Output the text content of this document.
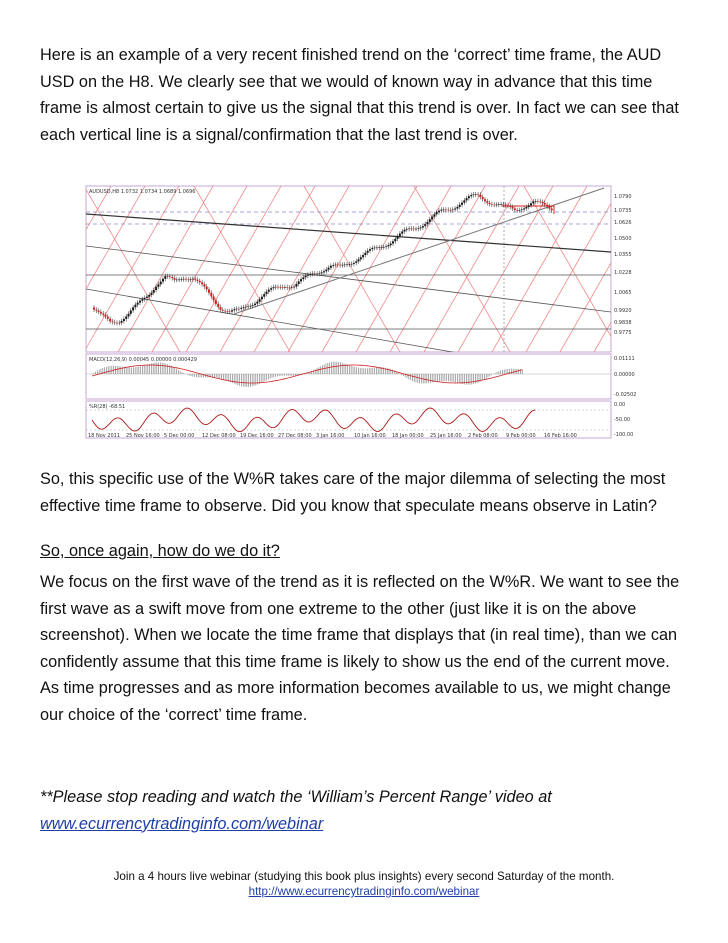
Here is an example of a very recent finished trend on the ‘correct’ time frame, the AUD USD on the H8. We clearly see that we would of known way in advance that this time frame is almost certain to give us the signal that this trend is over. In fact we can see that each vertical line is a signal/confirmation that the last trend is over.

AUDUSD,H8 1.0732 1.0734 1.0689 1.0696
MACD(12,26,9) 0.00045 0.00000 0.000429
%R(28) -68.51
1.0790
1.0735
1.0626
1.0500
1.0355
1.0228
1.0065
0.9920
0.9838
0.9775
0.01111
0.00000
-0.02502
0.00
-50.00
-100.00
18 Nov 2011 25 Nov 16:00 5 Dec 00:00 12 Dec 08:00 19 Dec 16:00 27 Dec 08:00 3 Jan 16:00 10 Jan 16:00 18 Jan 00:00 25 Jan 16:00 2 Feb 08:00 9 Feb 00:00 16 Feb 16:00

So, this specific use of the W%R takes care of the major dilemma of selecting the most effective time frame to observe. Did you know that speculate means observe in Latin?

So, once again, how do we do it?

We focus on the first wave of the trend as it is reflected on the W%R. We want to see the first wave as a swift move from one extreme to the other (just like it is on the above screenshot). When we locate the time frame that displays that (in real time), than we can confidently assume that this time frame is likely to show us the end of the current move. As time progresses and as more information becomes available to us, we might change our choice of the ‘correct’ time frame.

**Please stop reading and watch the ‘William’s Percent Range’ video at
www.ecurrencytradinginfo.com/webinar

Join a 4 hours live webinar (studying this book plus insights) every second Saturday of the month.
http://www.ecurrencytradinginfo.com/webinar
